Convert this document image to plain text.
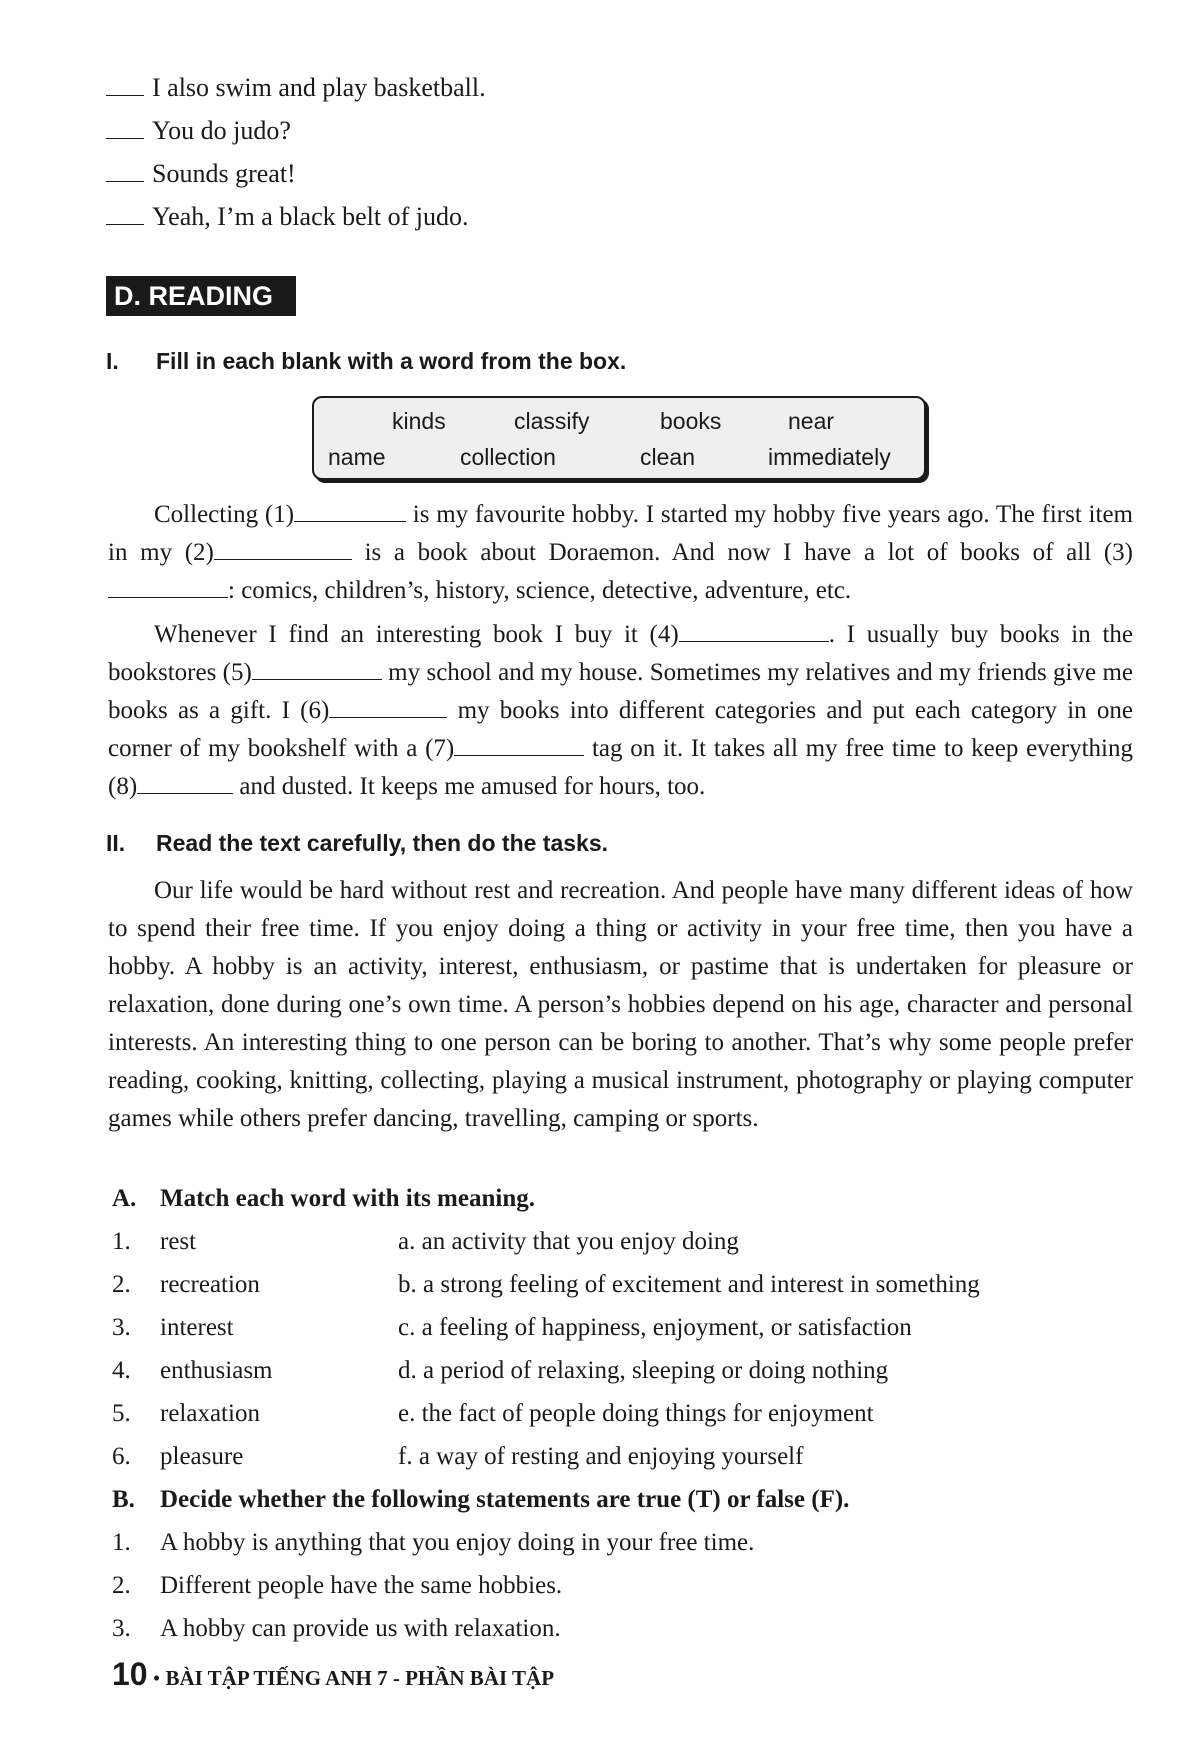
I also swim and play basketball.
You do judo?
Sounds great!
Yeah, I’m a black belt of judo.
D. READING
I. Fill in each blank with a word from the box.
kinds	classify	books	near
name	collection	clean	immediately

Collecting (1)	is my favourite hobby. I started my hobby five years ago. The first item in my (2)	is a book about Doraemon. And now I have a lot of books of all (3): comics, children’s, history, science, detective, adventure, etc.

Whenever I find an interesting book I buy it (4)	. I usually buy books in the bookstores (5)	my school and my house. Sometimes my relatives and my friends give me books as a gift. I (6)	my books into different categories and put each category in one corner of my bookshelf with a (7)	tag on it. It takes all my free time to keep everything (8)	and dusted. It keeps me amused for hours, too.

II. Read the text carefully, then do the tasks.

Our life would be hard without rest and recreation. And people have many different ideas of how to spend their free time. If you enjoy doing a thing or activity in your free time, then you have a hobby. A hobby is an activity, interest, enthusiasm, or pastime that is undertaken for pleasure or relaxation, done during one’s own time. A person’s hobbies depend on his age, character and personal interests. An interesting thing to one person can be boring to another. That’s why some people prefer reading, cooking, knitting, collecting, playing a musical instrument, photography or playing computer games while others prefer dancing, travelling, camping or sports.

A. Match each word with its meaning.
1. rest	a. an activity that you enjoy doing
2. recreation	b. a strong feeling of excitement and interest in something
3. interest	c. a feeling of happiness, enjoyment, or satisfaction
4. enthusiasm	d. a period of relaxing, sleeping or doing nothing
5. relaxation	e. the fact of people doing things for enjoyment
6. pleasure	f. a way of resting and enjoying yourself
B. Decide whether the following statements are true (T) or false (F).
1. A hobby is anything that you enjoy doing in your free time.
2. Different people have the same hobbies.
3. A hobby can provide us with relaxation.
10 • BÀI TẬP TIẾNG ANH 7 - PHẦN BÀI TẬP
